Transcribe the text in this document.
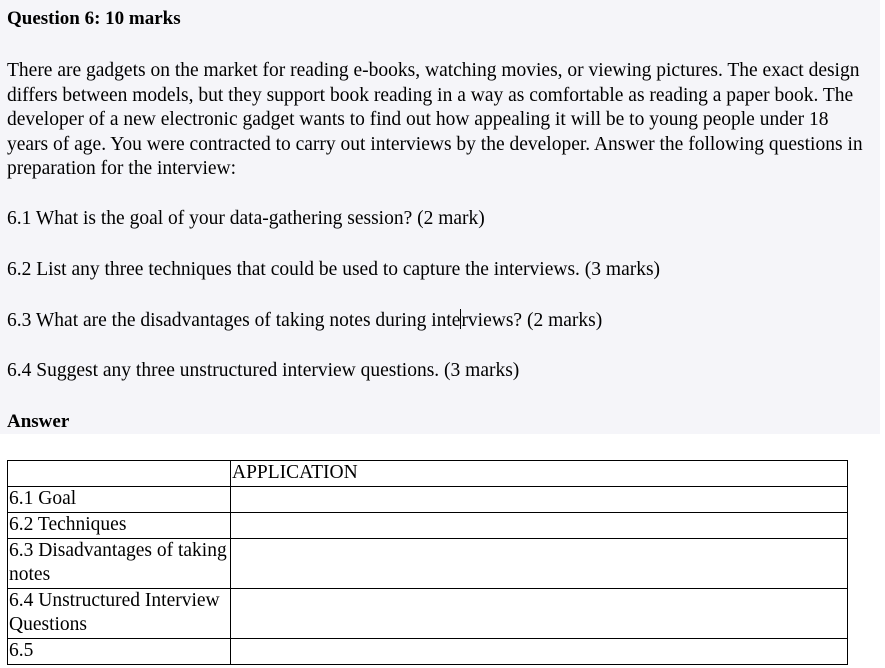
Question 6: 10 marks

There are gadgets on the market for reading e-books, watching movies, or viewing pictures. The exact design differs between models, but they support book reading in a way as comfortable as reading a paper book. The developer of a new electronic gadget wants to find out how appealing it will be to young people under 18 years of age. You were contracted to carry out interviews by the developer. Answer the following questions in preparation for the interview:

6.1 What is the goal of your data-gathering session? (2 mark)
6.2 List any three techniques that could be used to capture the interviews. (3 marks)
6.3 What are the disadvantages of taking notes during interviews? (2 marks)
6.4 Suggest any three unstructured interview questions. (3 marks)
Answer
	APPLICATION
6.1 Goal	
6.2 Techniques	
6.3 Disadvantages of taking notes	
6.4 Unstructured Interview Questions	
6.5	
